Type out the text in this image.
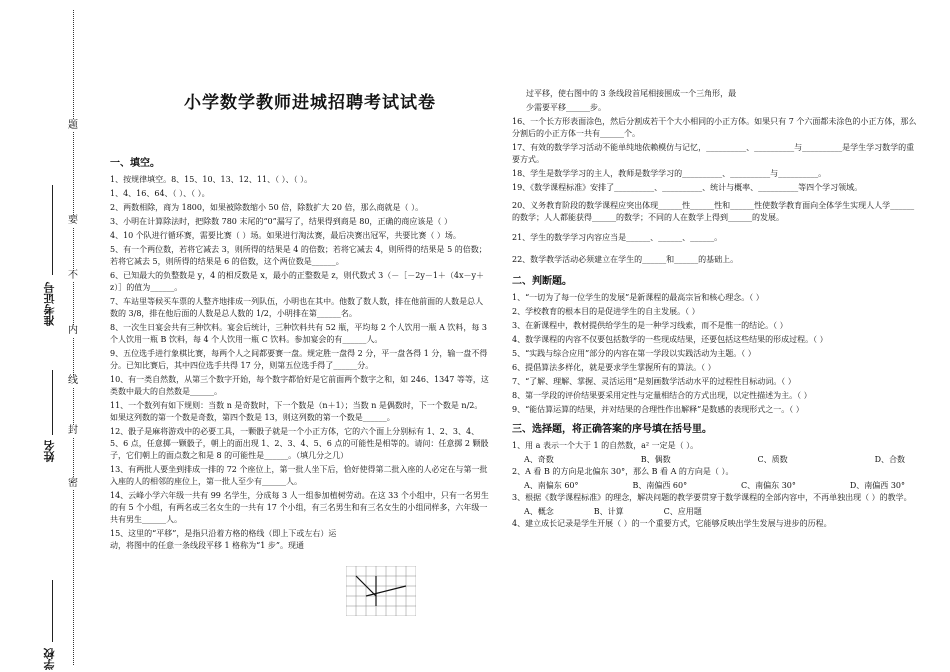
题
要
不
内
线
封
密
准考证号
姓名
学校
小学数学教师进城招聘考试试卷
一、填空。

1、按规律填空。8、15、10、13、12、11、（ ）、（ ）。

1、4、16、64、（ ）、（ ）。

2、两数相除，商为 1800，如果被除数缩小 50 倍，除数扩大 20 倍，那么商就是（ ）。

3、小明在计算除法时，把除数 780 末尾的“0”漏写了，结果得到商是 80，正确的商应该是（ ）

4、10 个队进行循环赛，需要比赛（ ）场。如果进行淘汰赛，最后决赛出冠军，共要比赛（ ）场。

5、有一个两位数，若将它减去 3，则所得的结果是 4 的倍数；若将它减去 4，则所得的结果是 5 的倍数；若将它减去 5，则所得的结果是 6 的倍数，这个两位数是______。

6、已知最大的负整数是 y，4 的相反数是 x，最小的正整数是 z，则代数式 3（－［－2y－1＋（4x－y＋z）］的值为______。

7、车站里等候买车票的人整齐地排成一列队伍，小明也在其中。他数了数人数，排在他前面的人数是总人数的 3/8，排在他后面的人数是总人数的 1/2，小明排在第______名。

8、一次生日宴会共有三种饮料。宴会后统计，三种饮料共有 52 瓶，平均每 2 个人饮用一瓶 A 饮料，每 3 个人饮用一瓶 B 饮料，每 4 个人饮用一瓶 C 饮料。参加宴会的有______人。

9、五位选手进行象棋比赛，每两个人之间都要赛一盘。规定胜一盘得 2 分，平一盘各得 1 分，输一盘不得分。已知比赛后，其中四位选手共得 17 分，则第五位选手得了______分。

10、有一类自然数，从第三个数字开始，每个数字都恰好是它前面两个数字之和，如 246、1347 等等，这类数中最大的自然数是______。

11、一个数列有如下规则：当数 n 是奇数时，下一个数是（n＋1）；当数 n 是偶数时，下一个数是 n/2。如果这列数的第一个数是奇数，第四个数是 13，则这列数的第一个数是______。

12、骰子是麻将游戏中的必要工具，一颗骰子就是一个小正方体，它的六个面上分别标有 1、2、3、4、5、6 点，任意掷一颗骰子，朝上的面出现 1、2、3、4、5、6 点的可能性是相等的。请问：任意掷 2 颗骰子，它们朝上的面点数之和是 8 的可能性是______。（填几分之几）

13、有两批人要坐到排成一排的 72 个座位上，第一批人坐下后，恰好使得第二批入座的人必定在与第一批入座的人的相邻的座位上，第一批人至少有______人。

14、云峰小学六年级一共有 99 名学生，分成每 3 人一组参加植树劳动。在这 33 个小组中，只有一名男生的有 5 个小组，有两名或三名女生的一共有 17 个小组，有三名男生和有三名女生的小组同样多，六年级一共有男生______人。

15、这里的“平移”，是指只沿着方格的格线（即上下或左右）运动，将图中的任意一条线段平移 1 格称为“1 步”。现通

过平移，使右图中的 3 条线段首尾相接围成一个三角形，最

少需要平移______步。

16、一个长方形表面涂色，然后分割成若干个大小相同的小正方体。如果只有 7 个六面都未涂色的小正方体，那么分割后的小正方体一共有______个。

17、有效的数学学习活动不能单纯地依赖模仿与记忆，__________、__________与__________是学生学习数学的重要方式。

18、学生是数学学习的主人，教师是数学学习的__________、__________与__________。

19、《数学课程标准》安排了__________、__________、统计与概率、__________等四个学习领域。

20、义务教育阶段的数学课程应突出体现______性______性和______性使数学教育面向全体学生实现人人学______的数学；人人都能获得______的数学；不同的人在数学上得到______的发展。

21、学生的数学学习内容应当是______、______、______。

22、数学教学活动必须建立在学生的______和______的基础上。

二、判断题。

1、“一切为了每一位学生的发展”是新课程的最高宗旨和核心理念。（ ）

2、学校教育的根本目的是促进学生的自主发展。（ ）

3、在新课程中，教材提供给学生的是一种学习线索，而不是惟一的结论。（ ）

4、数学课程的内容不仅要包括数学的一些现成结果，还要包括这些结果的形成过程。（ ）

5、“实践与综合应用”部分的内容在第一学段以实践活动为主题。（ ）

6、提倡算法多样化，就是要求学生掌握所有的算法。（ ）

7、“了解、理解、掌握、灵活运用”是刻画数学活动水平的过程性目标动词。（ ）

8、第一学段的评价结果要采用定性与定量相结合的方式出现，以定性描述为主。（ ）

9、“能估算运算的结果，并对结果的合理性作出解释”是数感的表现形式之一。（ ）

三、选择题，将正确答案的序号填在括号里。

1、用 a 表示一个大于 1 的自然数，a² 一定是（ ）。

A、奇数	B、偶数	C、质数	D、合数

2、A 看 B 的方向是北偏东 30°，那么 B 看 A 的方向是（ ）。

A、南偏东 60°	B、南偏西 60°	C、南偏东 30°	D、南偏西 30°

3、根据《数学课程标准》的理念，解决问题的教学要贯穿于数学课程的全部内容中，不再单独出现（ ）的教学。

A、概念	B、计算	C、应用题

4、建立成长记录是学生开展（ ）的一个重要方式，它能够反映出学生发展与进步的历程。
